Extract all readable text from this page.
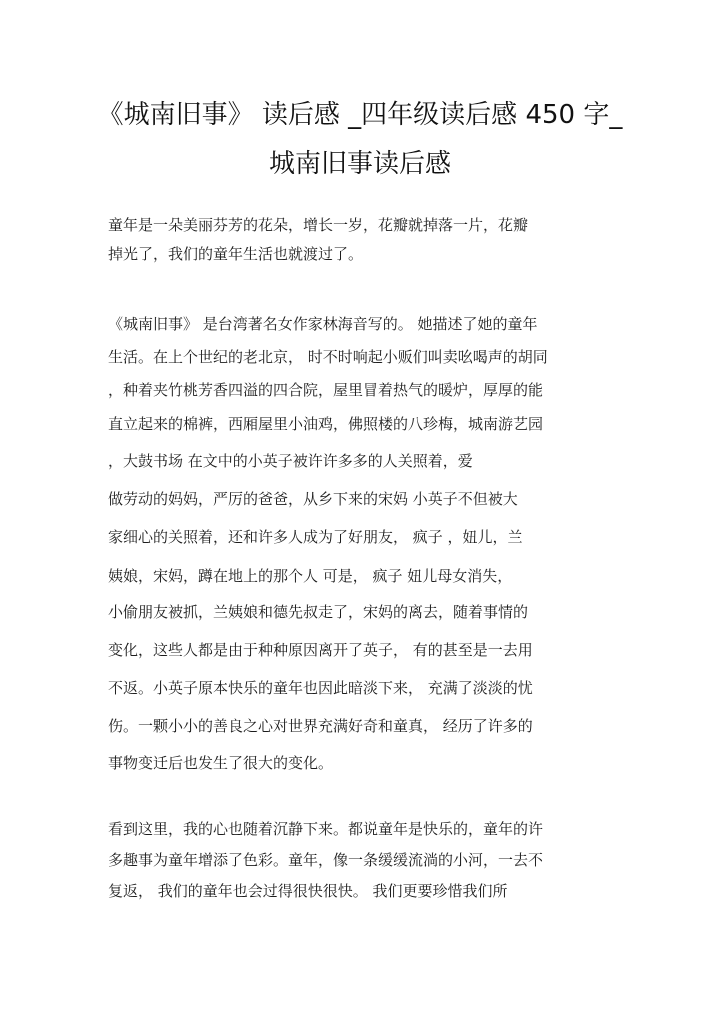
《城南旧事》 读后感 _四年级读后感 450 字_
城南旧事读后感
童年是一朵美丽芬芳的花朵，增长一岁，花瓣就掉落一片，花瓣
掉光了，我们的童年生活也就渡过了。
《城南旧事》 是台湾著名女作家林海音写的。 她描述了她的童年
生活。在上个世纪的老北京， 时不时响起小贩们叫卖吆喝声的胡同
，种着夹竹桃芳香四溢的四合院，屋里冒着热气的暖炉，厚厚的能
直立起来的棉裤，西厢屋里小油鸡，佛照楼的八珍梅，城南游艺园
，大鼓书场 在文中的小英子被许许多多的人关照着，爱
做劳动的妈妈，严厉的爸爸，从乡下来的宋妈 小英子不但被大
家细心的关照着，还和许多人成为了好朋友， 疯子 ，妞儿，兰
姨娘，宋妈，蹲在地上的那个人 可是， 疯子 妞儿母女消失，
小偷朋友被抓，兰姨娘和德先叔走了，宋妈的离去，随着事情的
变化，这些人都是由于种种原因离开了英子， 有的甚至是一去用
不返。小英子原本快乐的童年也因此暗淡下来， 充满了淡淡的忧
伤。一颗小小的善良之心对世界充满好奇和童真， 经历了许多的
事物变迁后也发生了很大的变化。
看到这里，我的心也随着沉静下来。都说童年是快乐的，童年的许
多趣事为童年增添了色彩。童年，像一条缓缓流淌的小河，一去不
复返， 我们的童年也会过得很快很快。 我们更要珍惜我们所
